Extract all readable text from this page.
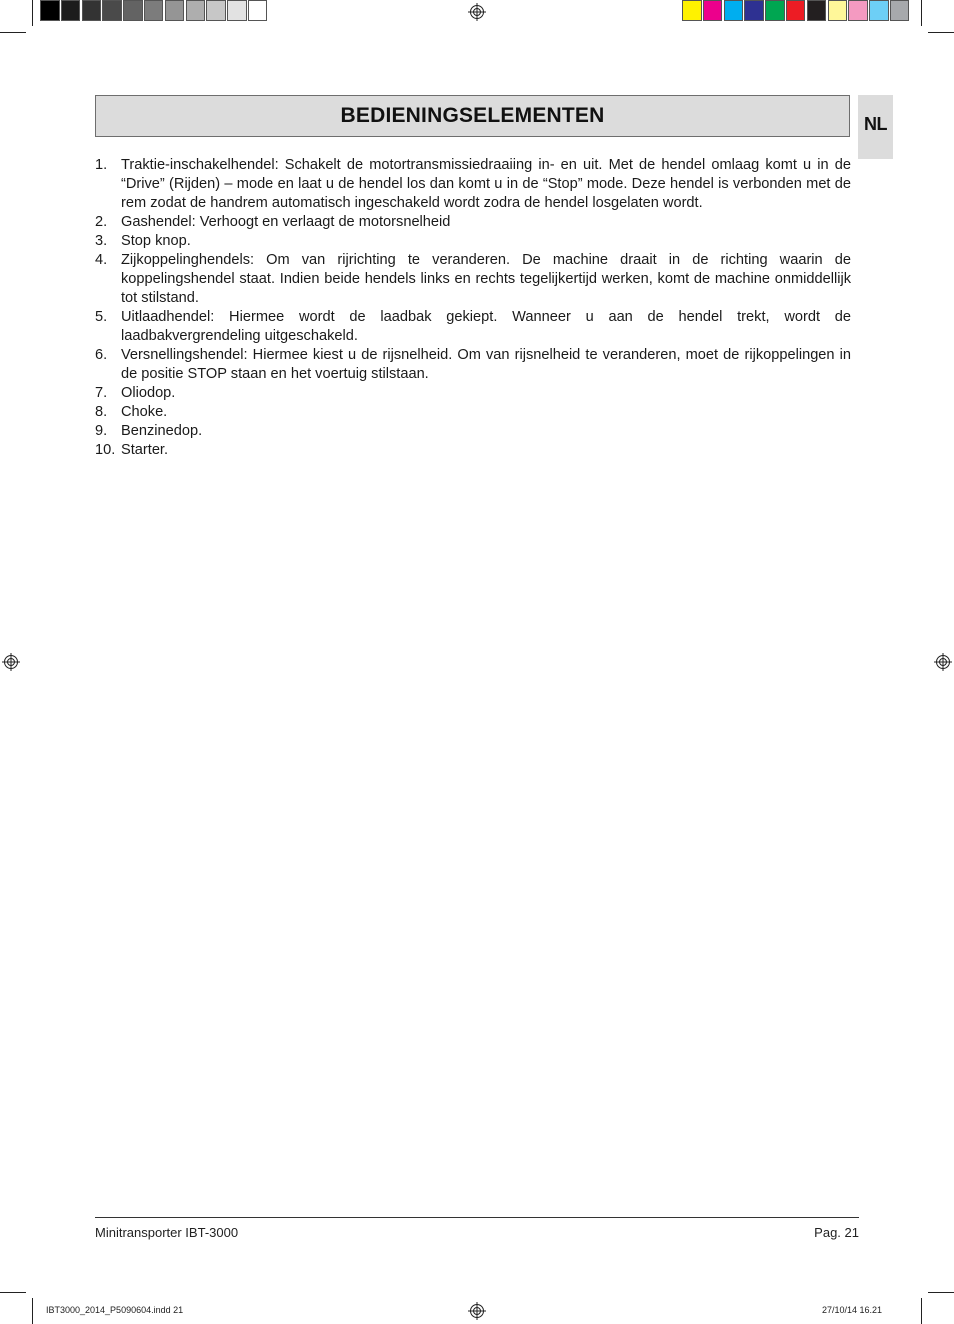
BEDIENINGSELEMENTEN	NL
1. Traktie-inschakelhendel: Schakelt de motortransmissiedraaiing in- en uit. Met de hendel omlaag komt u in de “Drive” (Rijden) – mode en laat u de hendel los dan komt u in de “Stop” mode. Deze hendel is verbonden met de rem zodat de handrem automatisch ingeschakeld wordt zodra de hendel losgelaten wordt.
2. Gashendel: Verhoogt en verlaagt de motorsnelheid
3. Stop knop.
4. Zijkoppelinghendels: Om van rijrichting te veranderen. De machine draait in de richting waarin de koppelingshendel staat. Indien beide hendels links en rechts tegelijkertijd werken, komt de machine onmiddellijk tot stilstand.
5. Uitlaadhendel: Hiermee wordt de laadbak gekiept. Wanneer u aan de hendel trekt, wordt de laadbakvergrendeling uitgeschakeld.
6. Versnellingshendel: Hiermee kiest u de rijsnelheid. Om van rijsnelheid te veranderen, moet de rijkoppelingen in de positie STOP staan en het voertuig stilstaan.
7. Oliodop.
8. Choke.
9. Benzinedop.
10. Starter.
Minitransporter IBT-3000	Pag. 21
IBT3000_2014_P5090604.indd 21	27/10/14 16.21
